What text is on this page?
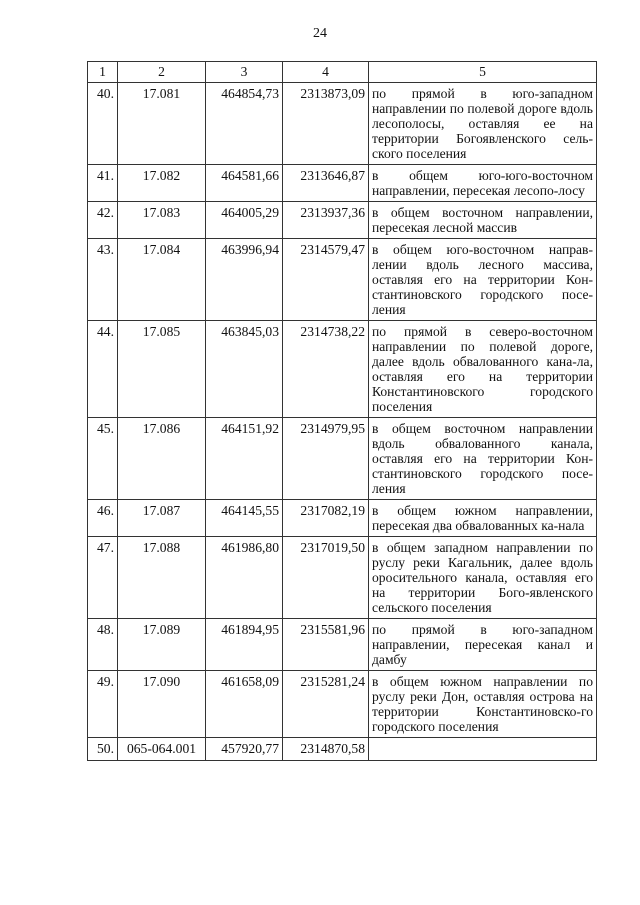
24
1	2	3	4	5
40.	17.081	464854,73	2313873,09	по прямой в юго-западном направлении по полевой дороге вдоль лесополосы, оставляя ее на территории Богоявленского сель-ского поселения
41.	17.082	464581,66	2313646,87	в общем юго-юго-восточном направлении, пересекая лесопо-лосу
42.	17.083	464005,29	2313937,36	в общем восточном направлении, пересекая лесной массив
43.	17.084	463996,94	2314579,47	в общем юго-восточном направ-лении вдоль лесного массива, оставляя его на территории Кон-стантиновского городского посе-ления
44.	17.085	463845,03	2314738,22	по прямой в северо-восточном направлении по полевой дороге, далее вдоль обвалованного кана-ла, оставляя его на территории Константиновского городского поселения
45.	17.086	464151,92	2314979,95	в общем восточном направлении вдоль обвалованного канала, оставляя его на территории Кон-стантиновского городского посе-ления
46.	17.087	464145,55	2317082,19	в общем южном направлении, пересекая два обвалованных ка-нала
47.	17.088	461986,80	2317019,50	в общем западном направлении по руслу реки Кагальник, далее вдоль оросительного канала, оставляя его на территории Бого-явленского сельского поселения
48.	17.089	461894,95	2315581,96	по прямой в юго-западном направлении, пересекая канал и дамбу
49.	17.090	461658,09	2315281,24	в общем южном направлении по руслу реки Дон, оставляя острова на территории Константиновско-го городского поселения
50.	065-064.001	457920,77	2314870,58	
